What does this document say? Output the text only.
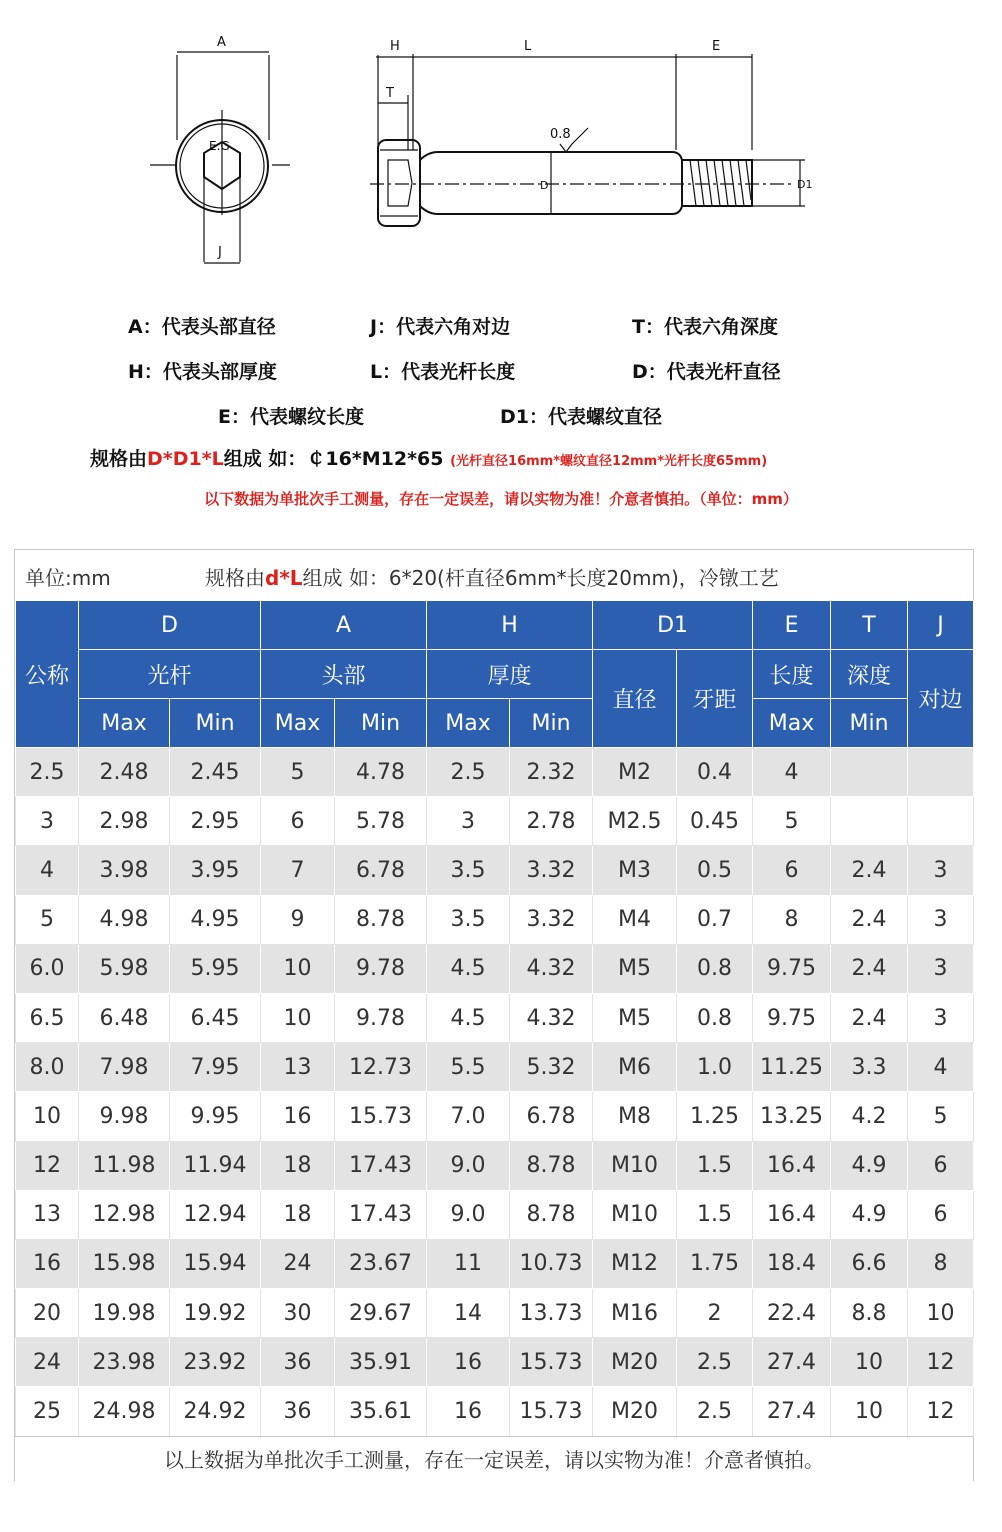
A
E.G
J
H
T
L	E
D	D1
0.8
A：代表头部直径	J：代表六角对边	T：代表六角深度
H：代表头部厚度	L：代表光杆长度	D：代表光杆直径
E：代表螺纹长度	D1：代表螺纹直径
规格由D*D1*L组成 如：￠16*M12*65 (光杆直径16mm*螺纹直径12mm*光杆长度65mm)
以下数据为单批次手工测量，存在一定误差，请以实物为准！介意者慎拍。（单位：mm）
单位:mm	规格由d*L组成 如：6*20(杆直径6mm*长度20mm)，冷镦工艺
公称	D		A		H		D1		E	T	J
	光杆		头部		厚度		直径	牙距	长度	深度	对边
	Max	Min	Max	Min	Max	Min			Max	Min	
2.5	2.48	2.45	5	4.78	2.5	2.32	M2	0.4	4		
3	2.98	2.95	6	5.78	3	2.78	M2.5	0.45	5		
4	3.98	3.95	7	6.78	3.5	3.32	M3	0.5	6	2.4	3
5	4.98	4.95	9	8.78	3.5	3.32	M4	0.7	8	2.4	3
6.0	5.98	5.95	10	9.78	4.5	4.32	M5	0.8	9.75	2.4	3
6.5	6.48	6.45	10	9.78	4.5	4.32	M5	0.8	9.75	2.4	3
8.0	7.98	7.95	13	12.73	5.5	5.32	M6	1.0	11.25	3.3	4
10	9.98	9.95	16	15.73	7.0	6.78	M8	1.25	13.25	4.2	5
12	11.98	11.94	18	17.43	9.0	8.78	M10	1.5	16.4	4.9	6
13	12.98	12.94	18	17.43	9.0	8.78	M10	1.5	16.4	4.9	6
16	15.98	15.94	24	23.67	11	10.73	M12	1.75	18.4	6.6	8
20	19.98	19.92	30	29.67	14	13.73	M16	2	22.4	8.8	10
24	23.98	23.92	36	35.91	16	15.73	M20	2.5	27.4	10	12
25	24.98	24.92	36	35.61	16	15.73	M20	2.5	27.4	10	12
以上数据为单批次手工测量，存在一定误差，请以实物为准！介意者慎拍。
